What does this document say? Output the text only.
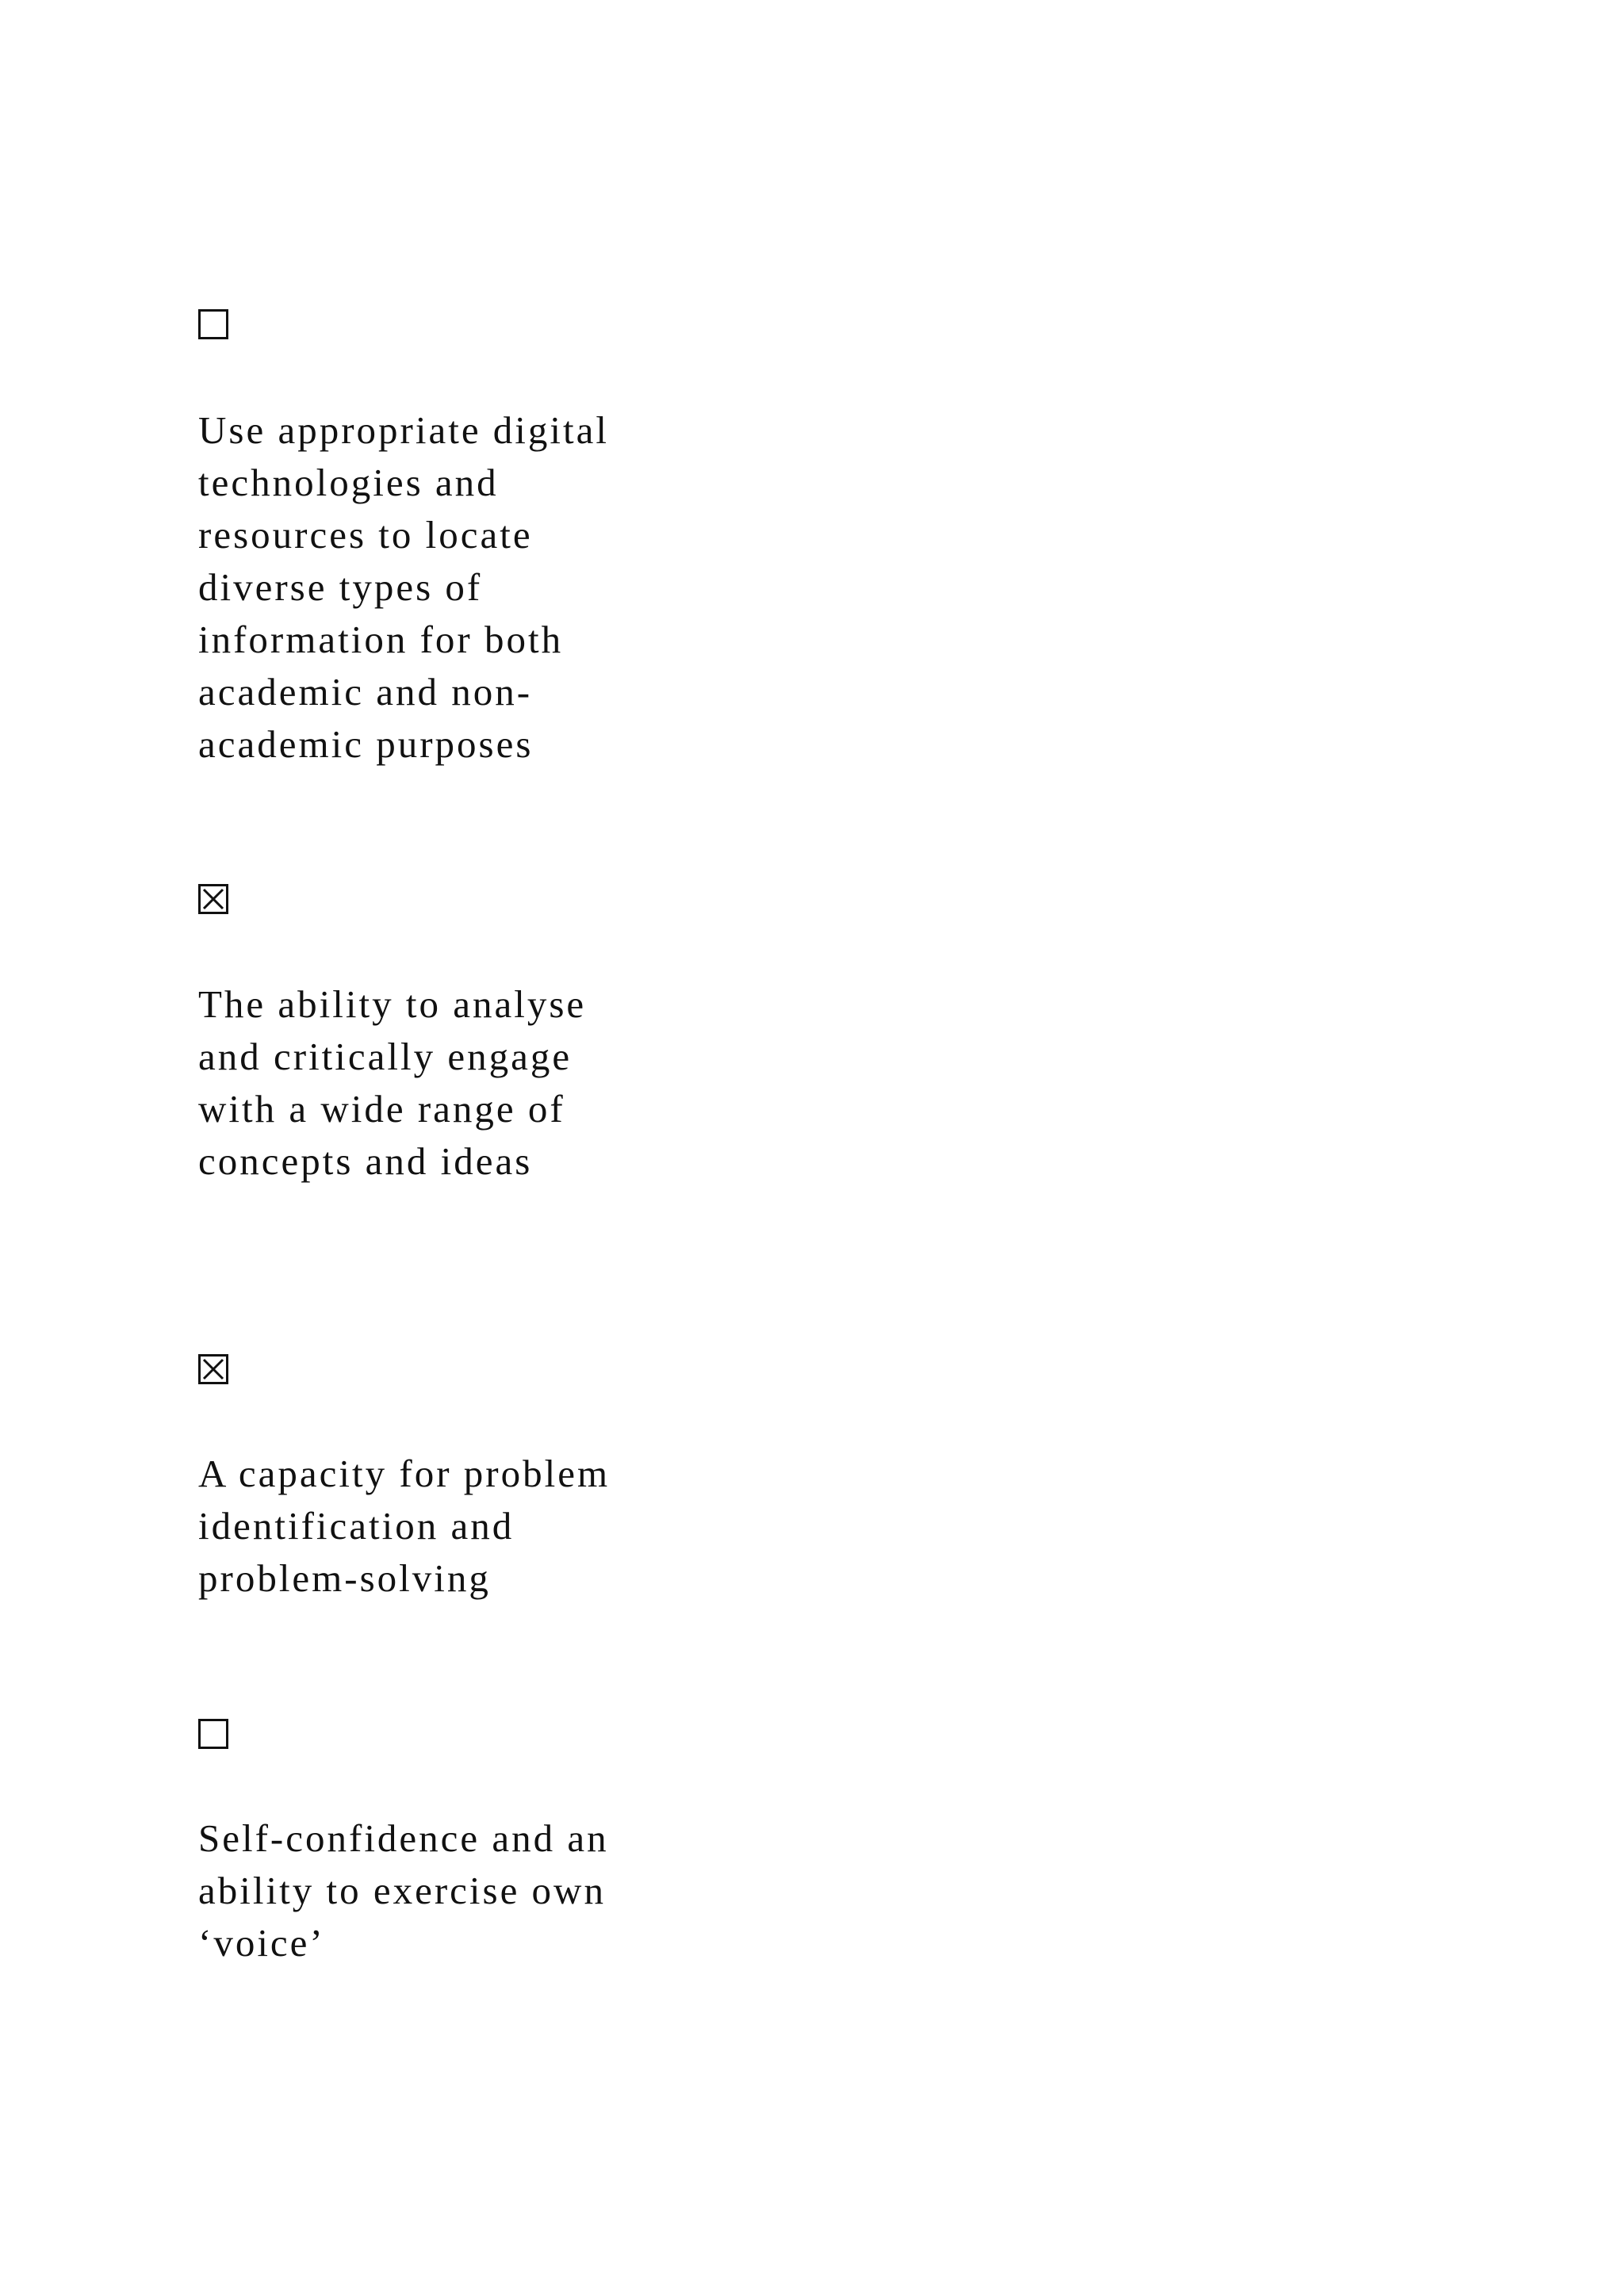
Use appropriate digital
technologies and
resources to locate
diverse types of
information for both
academic and non-
academic purposes

The ability to analyse
and critically engage
with a wide range of
concepts and ideas

A capacity for problem
identification and
problem-solving

Self-confidence and an
ability to exercise own
‘voice’
